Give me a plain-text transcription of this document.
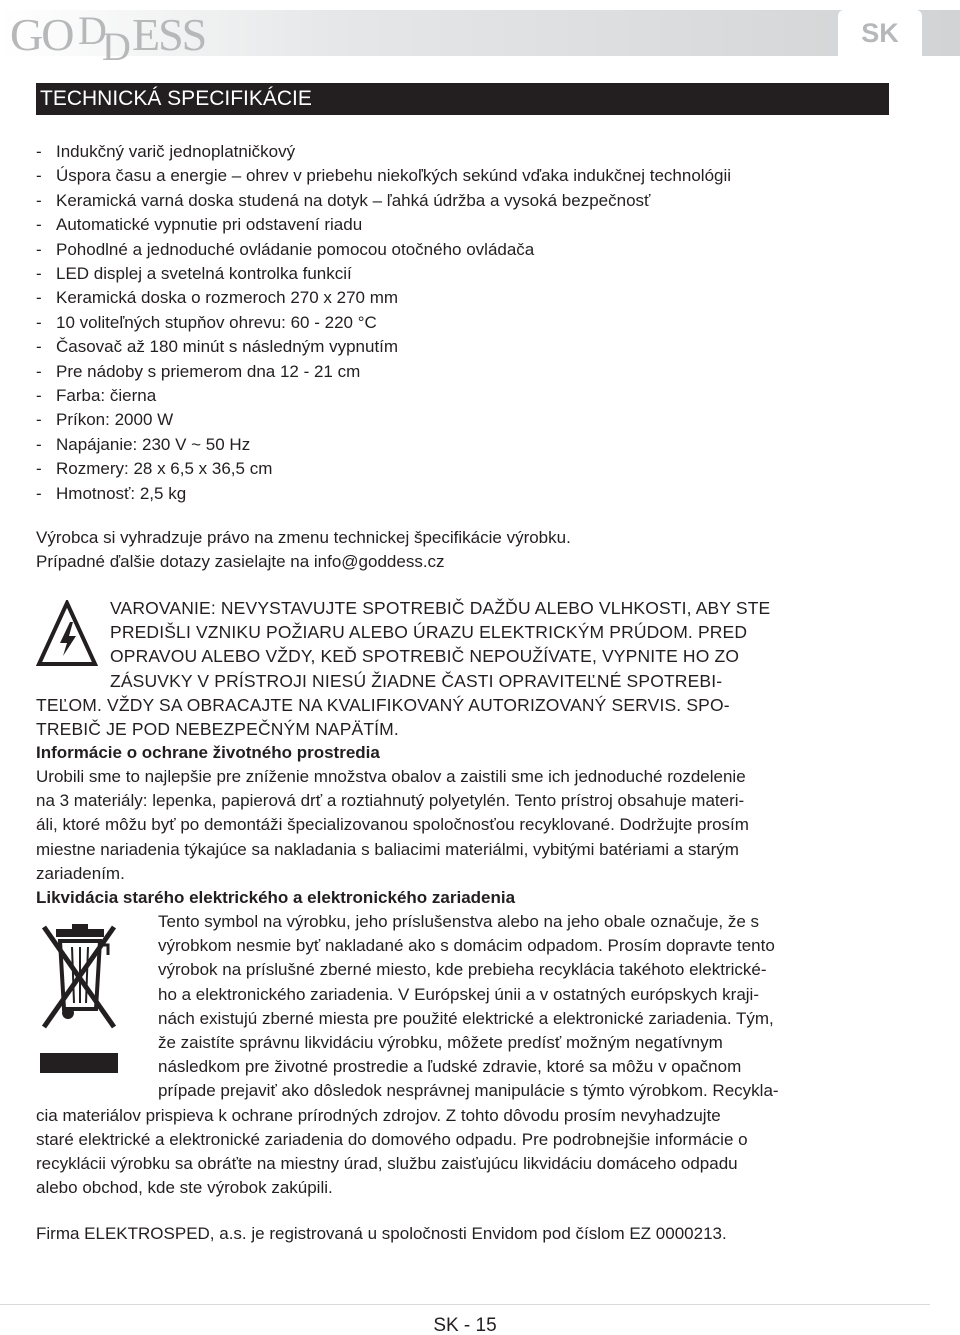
GO D
D ESS	SK
TECHNICKÁ SPECIFIKÁCIE
- Indukčný varič jednoplatničkový
- Úspora času a energie – ohrev v priebehu niekoľkých sekúnd vďaka indukčnej technológii
- Keramická varná doska studená na dotyk – ľahká údržba a vysoká bezpečnosť
- Automatické vypnutie pri odstavení riadu
- Pohodlné a jednoduché ovládanie pomocou otočného ovládača
- LED displej a svetelná kontrolka funkcií
- Keramická doska o rozmeroch 270 x 270 mm
- 10 voliteľných stupňov ohrevu: 60 - 220 °C
- Časovač až 180 minút s následným vypnutím
- Pre nádoby s priemerom dna 12 - 21 cm
- Farba: čierna
- Príkon: 2000 W
- Napájanie: 230 V ~ 50 Hz
- Rozmery: 28 x 6,5 x 36,5 cm
- Hmotnosť: 2,5 kg
Výrobca si vyhradzuje právo na zmenu technickej špecifikácie výrobku.
Prípadné ďalšie dotazy zasielajte na info@goddess.cz
VAROVANIE: NEVYSTAVUJTE SPOTREBIČ DAŽĎU ALEBO VLHKOSTI, ABY STE
PREDIŠLI VZNIKU POŽIARU ALEBO ÚRAZU ELEKTRICKÝM PRÚDOM. PRED
OPRAVOU ALEBO VŽDY, KEĎ SPOTREBIČ NEPOUŽÍVATE, VYPNITE HO ZO
ZÁSUVKY V PRÍSTROJI NIESÚ ŽIADNE ČASTI OPRAVITEĽNÉ SPOTREBI-
TEĽOM. VŽDY SA OBRACAJTE NA KVALIFIKOVANÝ AUTORIZOVANÝ SERVIS. SPO-
TREBIČ JE POD NEBEZPEČNÝM NAPÄTÍM.
Informácie o ochrane životného prostredia
Urobili sme to najlepšie pre zníženie množstva obalov a zaistili sme ich jednoduché rozdelenie
na 3 materiály: lepenka, papierová drť a roztiahnutý polyetylén. Tento prístroj obsahuje materi-
áli, ktoré môžu byť po demontáži špecializovanou spoločnosťou recyklované. Dodržujte prosím
miestne nariadenia týkajúce sa nakladania s baliacimi materiálmi, vybitými batériami a starým
zariadením.
Likvidácia starého elektrického a elektronického zariadenia
Tento symbol na výrobku, jeho príslušenstva alebo na jeho obale označuje, že s
výrobkom nesmie byť nakladané ako s domácim odpadom. Prosím dopravte tento
výrobok na príslušné zberné miesto, kde prebieha recyklácia takéhoto elektrické-
ho a elektronického zariadenia. V Európskej únii a v ostatných európskych kraji-
nách existujú zberné miesta pre použité elektrické a elektronické zariadenia. Tým,
že zaistíte správnu likvidáciu výrobku, môžete predísť možným negatívnym
následkom pre životné prostredie a ľudské zdravie, ktoré sa môžu v opačnom
prípade prejaviť ako dôsledok nesprávnej manipulácie s týmto výrobkom. Recykla-
cia materiálov prispieva k ochrane prírodných zdrojov. Z tohto dôvodu prosím nevyhadzujte
staré elektrické a elektronické zariadenia do domového odpadu. Pre podrobnejšie informácie o
recyklácii výrobku sa obráťte na miestny úrad, službu zaisťujúcu likvidáciu domáceho odpadu
alebo obchod, kde ste výrobok zakúpili.
Firma ELEKTROSPED, a.s. je registrovaná u spoločnosti Envidom pod číslom EZ 0000213.
SK - 15
